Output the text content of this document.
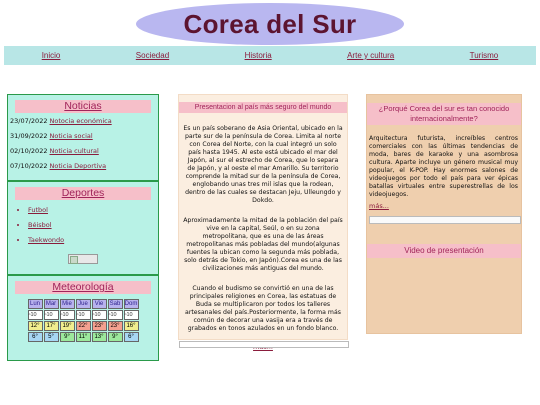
Corea del Sur
Inicio	Sociedad	Historia	Arte y cultura	Turismo
Noticias
23/07/2022 Notocia económica
31/09/2022 Noticia social
02/10/2022 Noticia cultural
07/10/2022 Noticia Deportiva
Deportes
• Futbol
• Béisbol
• Taekwondo
Meteorología
Lun	Mar	Mie	Jue	Vie	Sab	Dom
▫10	▫10	▫10	▫10	▫10	▫10	▫10
12°	17°	19°	22°	23°	23°	16°
6°	5°	9°	11°	13°	9°	6°
Presentacion al país más seguro del mundo

Es un país soberano de Asia Oriental, ubicado en la parte sur de la península de Corea. Limita al norte con Corea del Norte, con la cual integró un solo país hasta 1945. Al este está ubicado el mar del Japón, al sur el estrecho de Corea, que lo separa de Japón, y al oeste el mar Amarillo. Su territorio comprende la mitad sur de la península de Corea, englobando unas tres mil islas que la rodean, dentro de las cuales se destacan Jeju, Ulleungdo y Dokdo.

Aproximadamente la mitad de la población del país vive en la capital, Seúl, o en su zona metropolitana, que es una de las áreas metropolitanas más pobladas del mundo(algunas fuentes la ubican como la segunda más poblada, solo detrás de Tokio, en Japón).Corea es una de las civilizaciones más antiguas del mundo.

Cuando el budismo se convirtió en una de las principales religiones en Corea, las estatuas de Buda se multiplicaron por todos los talleres artesanales del país.Posteriormente, la forma más común de decorar una vasija era a través de grabados en tonos azulados en un fondo blanco.

¿Porqué Corea del sur es tan conocido internacionalmente?

Arquitectura futurista, increíbles centros comerciales con las últimas tendencias de moda, bares de karaoke y una asombrosa cultura. Aparte incluye un género musical muy popular, el K-POP. Hay enormes salones de videojuegos por todo el país para ver épicas batallas virtuales entre superestrellas de los videojuegos.

más...
Video de presentación
